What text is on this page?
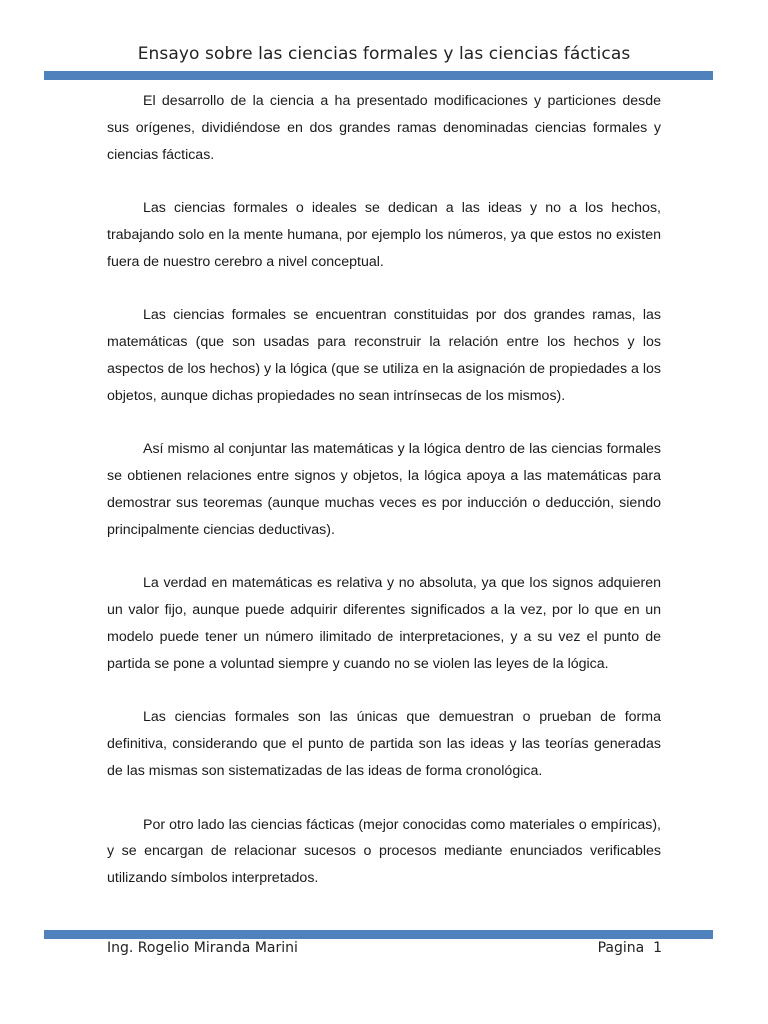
Ensayo sobre las ciencias formales y las ciencias fácticas

El desarrollo de la ciencia a ha presentado modificaciones y particiones desde sus orígenes, dividiéndose en dos grandes ramas denominadas ciencias formales y ciencias fácticas.

Las ciencias formales o ideales se dedican a las ideas y no a los hechos, trabajando solo en la mente humana, por ejemplo los números, ya que estos no existen fuera de nuestro cerebro a nivel conceptual.

Las ciencias formales se encuentran constituidas por dos grandes ramas, las matemáticas (que son usadas para reconstruir la relación entre los hechos y los aspectos de los hechos) y la lógica (que se utiliza en la asignación de propiedades a los objetos, aunque dichas propiedades no sean intrínsecas de los mismos).

Así mismo al conjuntar las matemáticas y la lógica dentro de las ciencias formales se obtienen relaciones entre signos y objetos, la lógica apoya a las matemáticas para demostrar sus teoremas (aunque muchas veces es por inducción o deducción, siendo principalmente ciencias deductivas).

La verdad en matemáticas es relativa y no absoluta, ya que los signos adquieren un valor fijo, aunque puede adquirir diferentes significados a la vez, por lo que en un modelo puede tener un número ilimitado de interpretaciones, y a su vez el punto de partida se pone a voluntad siempre y cuando no se violen las leyes de la lógica.

Las ciencias formales son las únicas que demuestran o prueban de forma definitiva, considerando que el punto de partida son las ideas y las teorías generadas de las mismas son sistematizadas de las ideas de forma cronológica.

Por otro lado las ciencias fácticas (mejor conocidas como materiales o empíricas), y se encargan de relacionar sucesos o procesos mediante enunciados verificables utilizando símbolos interpretados.

Ing. Rogelio Miranda Marini	Pagina  1
